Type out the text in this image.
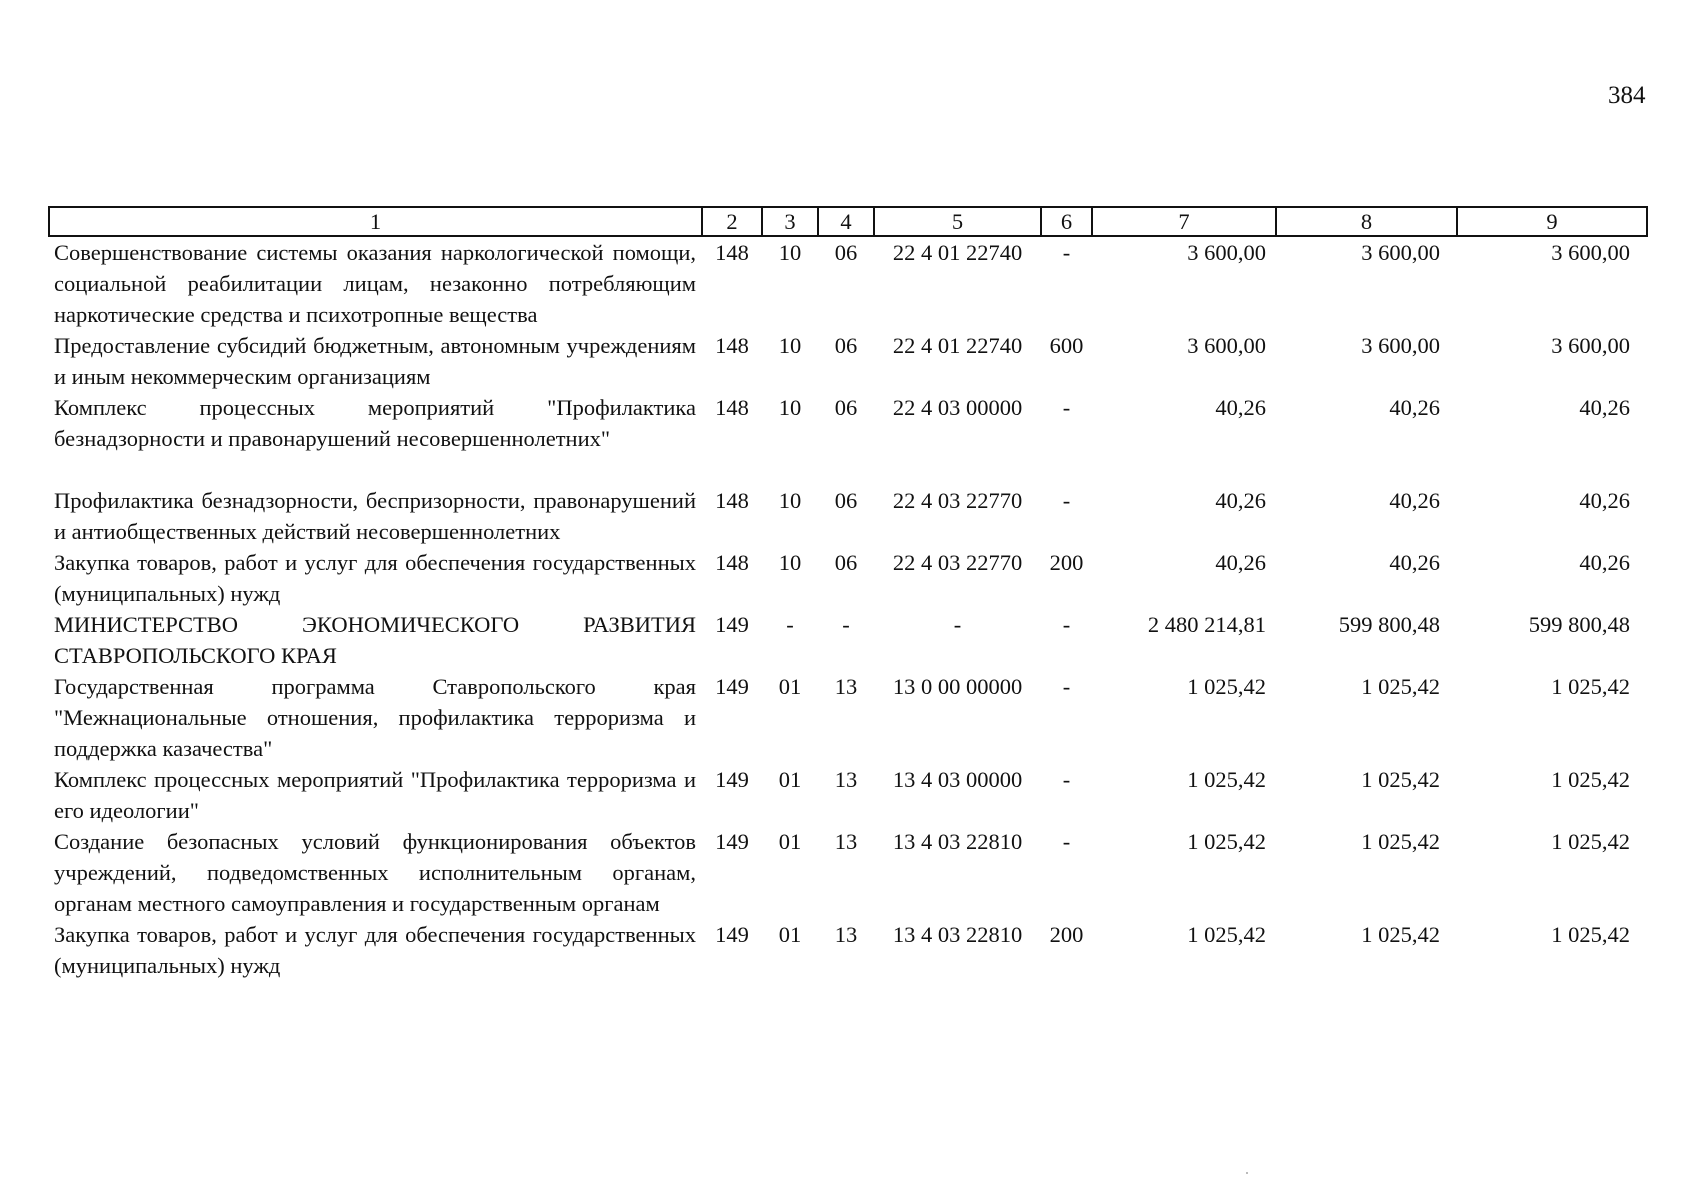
384
1	2	3	4	5	6	7	8	9
Совершенствование системы оказания наркологической помощи, социальной реабилитации лицам, незаконно потребляющим наркотические средства и психотропные вещества	148	10	06	22 4 01 22740	-	3 600,00	3 600,00	3 600,00
Предоставление субсидий бюджетным, автономным учреждениям и иным некоммерческим организациям	148	10	06	22 4 01 22740	600	3 600,00	3 600,00	3 600,00
Комплекс процессных мероприятий "Профилактика безнадзорности и правонарушений несовершеннолетних"	148	10	06	22 4 03 00000	-	40,26	40,26	40,26

Профилактика безнадзорности, беспризорности, правонарушений и антиобщественных действий несовершеннолетних	148	10	06	22 4 03 22770	-	40,26	40,26	40,26
Закупка товаров, работ и услуг для обеспечения государственных (муниципальных) нужд	148	10	06	22 4 03 22770	200	40,26	40,26	40,26
МИНИСТЕРСТВО ЭКОНОМИЧЕСКОГО РАЗВИТИЯ СТАВРОПОЛЬСКОГО КРАЯ	149	-	-	-	-	2 480 214,81	599 800,48	599 800,48
Государственная программа Ставропольского края "Межнациональные отношения, профилактика терроризма и поддержка казачества"	149	01	13	13 0 00 00000	-	1 025,42	1 025,42	1 025,42
Комплекс процессных мероприятий "Профилактика терроризма и его идеологии"	149	01	13	13 4 03 00000	-	1 025,42	1 025,42	1 025,42
Создание безопасных условий функционирования объектов учреждений, подведомственных исполнительным органам, органам местного самоуправления и государственным органам	149	01	13	13 4 03 22810	-	1 025,42	1 025,42	1 025,42
Закупка товаров, работ и услуг для обеспечения государственных (муниципальных) нужд	149	01	13	13 4 03 22810	200	1 025,42	1 025,42	1 025,42
